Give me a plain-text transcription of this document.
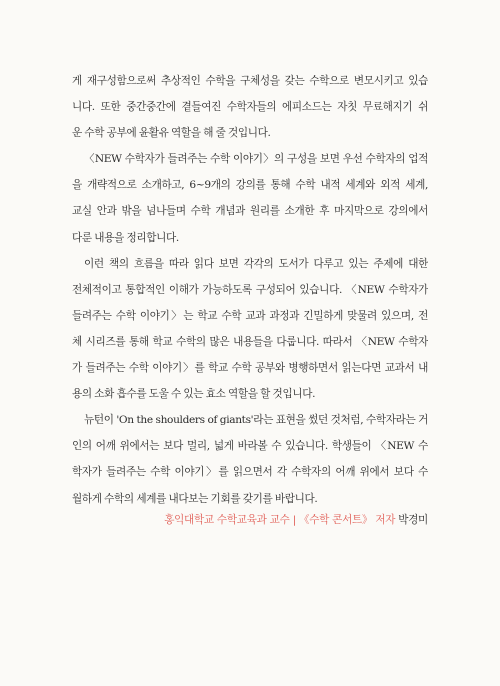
게 재구성함으로써 추상적인 수학을 구체성을 갖는 수학으로 변모시키고 있습
니다. 또한 중간중간에 곁들여진 수학자들의 에피소드는 자칫 무료해지기 쉬
운 수학 공부에 윤활유 역할을 해 줄 것입니다.
〈NEW 수학자가 들려주는 수학 이야기〉의 구성을 보면 우선 수학자의 업적
을 개략적으로 소개하고, 6~9개의 강의를 통해 수학 내적 세계와 외적 세계,
교실 안과 밖을 넘나들며 수학 개념과 원리를 소개한 후 마지막으로 강의에서
다룬 내용을 정리합니다.
이런 책의 흐름을 따라 읽다 보면 각각의 도서가 다루고 있는 주제에 대한
전체적이고 통합적인 이해가 가능하도록 구성되어 있습니다. 〈NEW 수학자가
들려주는 수학 이야기〉는 학교 수학 교과 과정과 긴밀하게 맞물려 있으며, 전
체 시리즈를 통해 학교 수학의 많은 내용들을 다룹니다. 따라서 〈NEW 수학자
가 들려주는 수학 이야기〉를 학교 수학 공부와 병행하면서 읽는다면 교과서 내
용의 소화 흡수를 도울 수 있는 효소 역할을 할 것입니다.
뉴턴이 'On the shoulders of giants'라는 표현을 썼던 것처럼, 수학자라는 거
인의 어깨 위에서는 보다 멀리, 넓게 바라볼 수 있습니다. 학생들이 〈NEW 수
학자가 들려주는 수학 이야기〉를 읽으면서 각 수학자의 어깨 위에서 보다 수
월하게 수학의 세계를 내다보는 기회를 갖기를 바랍니다.
홍익대학교 수학교육과 교수 | 《수학 콘서트》 저자 박경미
